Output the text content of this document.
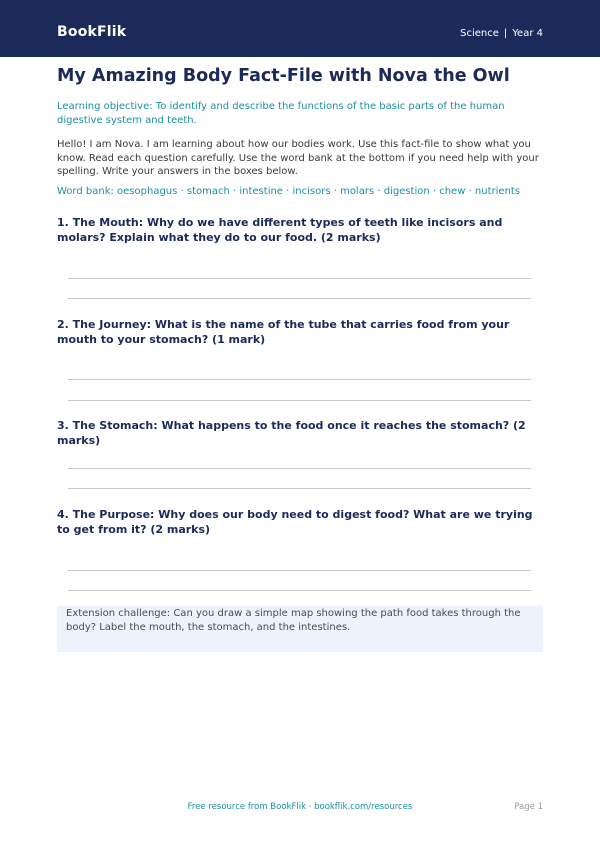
BookFlik	Science | Year 4
My Amazing Body Fact-File with Nova the Owl
Learning objective: To identify and describe the functions of the basic parts of the human digestive system and teeth.
Hello! I am Nova. I am learning about how our bodies work. Use this fact-file to show what you know. Read each question carefully. Use the word bank at the bottom if you need help with your spelling. Write your answers in the boxes below.
Word bank: oesophagus · stomach · intestine · incisors · molars · digestion · chew · nutrients
1. The Mouth: Why do we have different types of teeth like incisors and molars? Explain what they do to our food. (2 marks)
2. The Journey: What is the name of the tube that carries food from your mouth to your stomach? (1 mark)
3. The Stomach: What happens to the food once it reaches the stomach? (2 marks)
4. The Purpose: Why does our body need to digest food? What are we trying to get from it? (2 marks)
Extension challenge: Can you draw a simple map showing the path food takes through the body? Label the mouth, the stomach, and the intestines.
Free resource from BookFlik · bookflik.com/resources	Page 1
